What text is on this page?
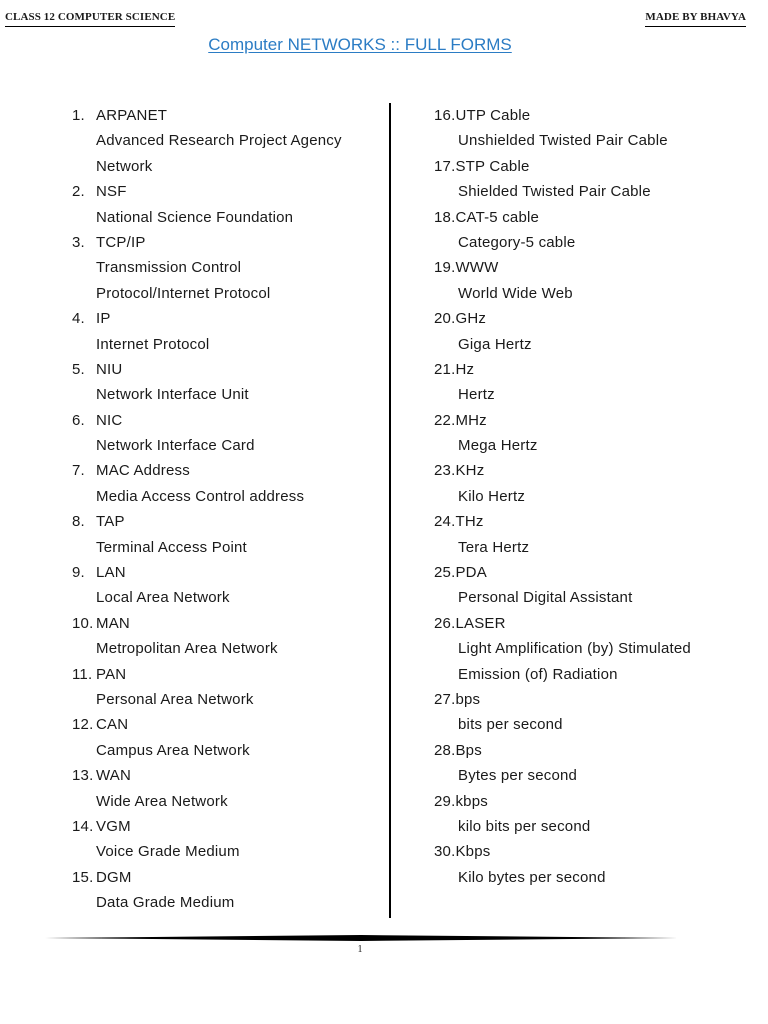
CLASS 12 COMPUTER SCIENCE	MADE BY BHAVYA
Computer NETWORKS :: FULL FORMS
1. ARPANET
Advanced Research Project Agency
Network
2. NSF
National Science Foundation
3. TCP/IP
Transmission Control
Protocol/Internet Protocol
4. IP
Internet Protocol
5. NIU
Network Interface Unit
6. NIC
Network Interface Card
7. MAC Address
Media Access Control address
8. TAP
Terminal Access Point
9. LAN
Local Area Network
10. MAN
Metropolitan Area Network
11. PAN
Personal Area Network
12. CAN
Campus Area Network
13. WAN
Wide Area Network
14. VGM
Voice Grade Medium
15. DGM
Data Grade Medium
16. UTP Cable
Unshielded Twisted Pair Cable
17. STP Cable
Shielded Twisted Pair Cable
18. CAT-5 cable
Category-5 cable
19. WWW
World Wide Web
20. GHz
Giga Hertz
21. Hz
Hertz
22. MHz
Mega Hertz
23. KHz
Kilo Hertz
24. THz
Tera Hertz
25. PDA
Personal Digital Assistant
26. LASER
Light Amplification (by) Stimulated
Emission (of) Radiation
27. bps
bits per second
28. Bps
Bytes per second
29. kbps
kilo bits per second
30. Kbps
Kilo bytes per second
1
